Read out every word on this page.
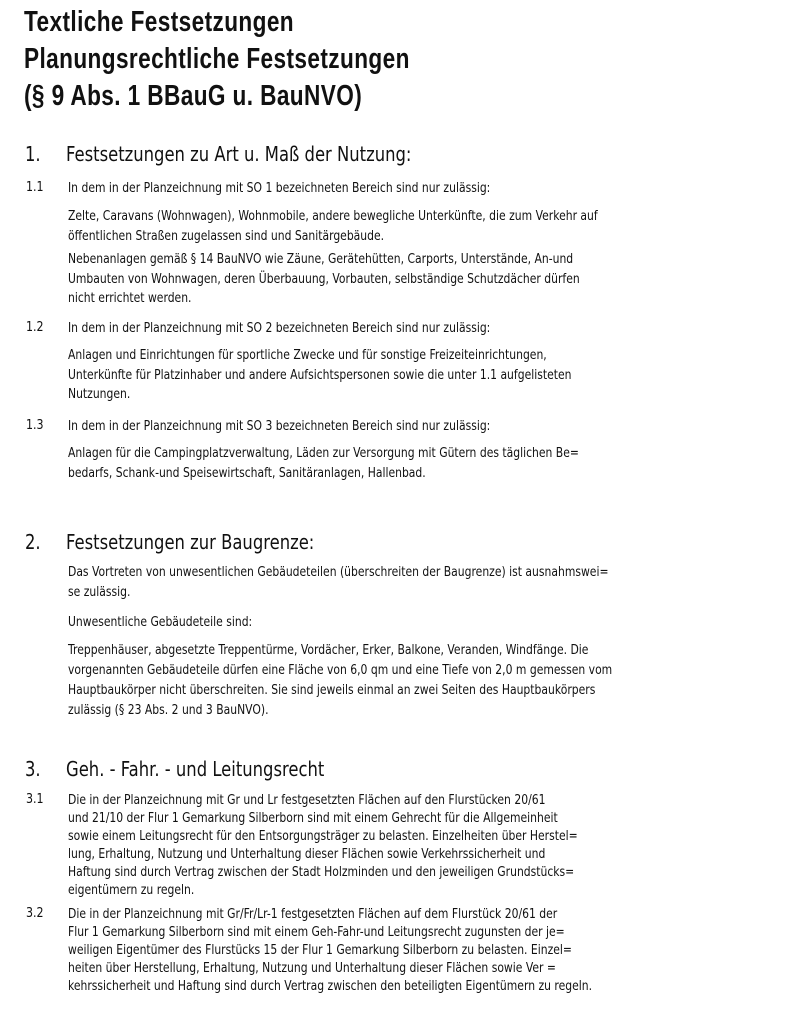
Textliche Festsetzungen
Planungsrechtliche Festsetzungen
(§ 9 Abs. 1 BBauG u. BauNVO)
1. Festsetzungen zu Art u. Maß der Nutzung:
1.1 In dem in der Planzeichnung mit SO 1 bezeichneten Bereich sind nur zulässig:
Zelte, Caravans (Wohnwagen), Wohnmobile, andere bewegliche Unterkünfte, die zum Verkehr auf
öffentlichen Straßen zugelassen sind und Sanitärgebäude.
Nebenanlagen gemäß § 14 BauNVO wie Zäune, Gerätehütten, Carports, Unterstände, An-und
Umbauten von Wohnwagen, deren Überbauung, Vorbauten, selbständige Schutzdächer dürfen
nicht errichtet werden.
1.2 In dem in der Planzeichnung mit SO 2 bezeichneten Bereich sind nur zulässig:
Anlagen und Einrichtungen für sportliche Zwecke und für sonstige Freizeiteinrichtungen,
Unterkünfte für Platzinhaber und andere Aufsichtspersonen sowie die unter 1.1 aufgelisteten
Nutzungen.
1.3 In dem in der Planzeichnung mit SO 3 bezeichneten Bereich sind nur zulässig:
Anlagen für die Campingplatzverwaltung, Läden zur Versorgung mit Gütern des täglichen Be=
bedarfs, Schank-und Speisewirtschaft, Sanitäranlagen, Hallenbad.
2. Festsetzungen zur Baugrenze:
Das Vortreten von unwesentlichen Gebäudeteilen (überschreiten der Baugrenze) ist ausnahmswei=
se zulässig.
Unwesentliche Gebäudeteile sind:
Treppenhäuser, abgesetzte Treppentürme, Vordächer, Erker, Balkone, Veranden, Windfänge. Die
vorgenannten Gebäudeteile dürfen eine Fläche von 6,0 qm und eine Tiefe von 2,0 m gemessen vom
Hauptbaukörper nicht überschreiten. Sie sind jeweils einmal an zwei Seiten des Hauptbaukörpers
zulässig (§ 23 Abs. 2 und 3 BauNVO).
3. Geh. - Fahr. - und Leitungsrecht
3.1 Die in der Planzeichnung mit Gr und Lr festgesetzten Flächen auf den Flurstücken 20/61
und 21/10 der Flur 1 Gemarkung Silberborn sind mit einem Gehrecht für die Allgemeinheit
sowie einem Leitungsrecht für den Entsorgungsträger zu belasten. Einzelheiten über Herstel=
lung, Erhaltung, Nutzung und Unterhaltung dieser Flächen sowie Verkehrssicherheit und
Haftung sind durch Vertrag zwischen der Stadt Holzminden und den jeweiligen Grundstücks=
eigentümern zu regeln.
3.2 Die in der Planzeichnung mit Gr/Fr/Lr-1 festgesetzten Flächen auf dem Flurstück 20/61 der
Flur 1 Gemarkung Silberborn sind mit einem Geh-Fahr-und Leitungsrecht zugunsten der je=
weiligen Eigentümer des Flurstücks 15 der Flur 1 Gemarkung Silberborn zu belasten. Einzel=
heiten über Herstellung, Erhaltung, Nutzung und Unterhaltung dieser Flächen sowie Ver =
kehrssicherheit und Haftung sind durch Vertrag zwischen den beteiligten Eigentümern zu regeln.
